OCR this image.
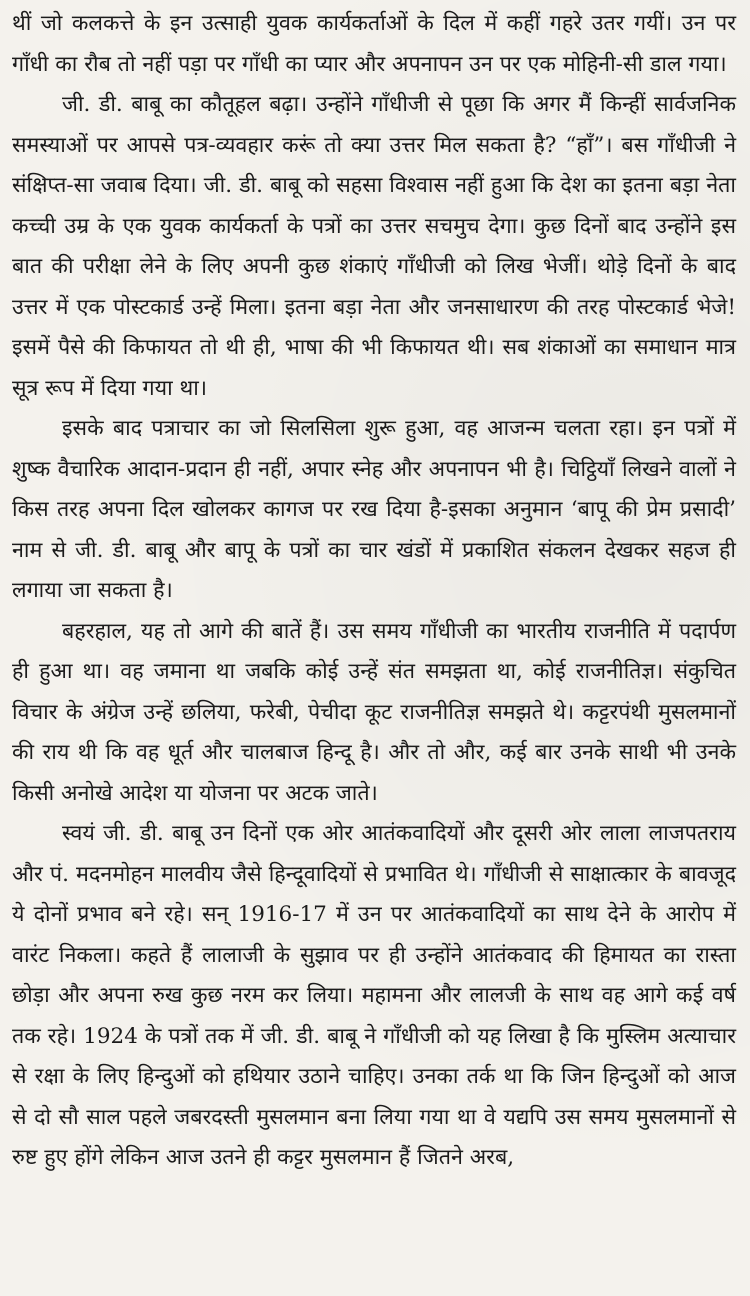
थीं जो कलकत्ते के इन उत्साही युवक कार्यकर्ताओं के दिल में कहीं गहरे उतर गयीं। उन पर गाँधी का रौब तो नहीं पड़ा पर गाँधी का प्यार और अपनापन उन पर एक मोहिनी-सी डाल गया।

जी. डी. बाबू का कौतूहल बढ़ा। उन्होंने गाँधीजी से पूछा कि अगर मैं किन्हीं सार्वजनिक समस्याओं पर आपसे पत्र-व्यवहार करूं तो क्या उत्तर मिल सकता है? “हाँ”। बस गाँधीजी ने संक्षिप्त-सा जवाब दिया। जी. डी. बाबू को सहसा विश्वास नहीं हुआ कि देश का इतना बड़ा नेता कच्ची उम्र के एक युवक कार्यकर्ता के पत्रों का उत्तर सचमुच देगा। कुछ दिनों बाद उन्होंने इस बात की परीक्षा लेने के लिए अपनी कुछ शंकाएं गाँधीजी को लिख भेजीं। थोड़े दिनों के बाद उत्तर में एक पोस्टकार्ड उन्हें मिला। इतना बड़ा नेता और जनसाधारण की तरह पोस्टकार्ड भेजे! इसमें पैसे की किफायत तो थी ही, भाषा की भी किफायत थी। सब शंकाओं का समाधान मात्र सूत्र रूप में दिया गया था।

इसके बाद पत्राचार का जो सिलसिला शुरू हुआ, वह आजन्म चलता रहा। इन पत्रों में शुष्क वैचारिक आदान-प्रदान ही नहीं, अपार स्नेह और अपनापन भी है। चिट्ठियाँ लिखने वालों ने किस तरह अपना दिल खोलकर कागज पर रख दिया है-इसका अनुमान ‘बापू की प्रेम प्रसादी’ नाम से जी. डी. बाबू और बापू के पत्रों का चार खंडों में प्रकाशित संकलन देखकर सहज ही लगाया जा सकता है।

बहरहाल, यह तो आगे की बातें हैं। उस समय गाँधीजी का भारतीय राजनीति में पदार्पण ही हुआ था। वह जमाना था जबकि कोई उन्हें संत समझता था, कोई राजनीतिज्ञ। संकुचित विचार के अंग्रेज उन्हें छलिया, फरेबी, पेचीदा कूट राजनीतिज्ञ समझते थे। कट्टरपंथी मुसलमानों की राय थी कि वह धूर्त और चालबाज हिन्दू है। और तो और, कई बार उनके साथी भी उनके किसी अनोखे आदेश या योजना पर अटक जाते।

स्वयं जी. डी. बाबू उन दिनों एक ओर आतंकवादियों और दूसरी ओर लाला लाजपतराय और पं. मदनमोहन मालवीय जैसे हिन्दूवादियों से प्रभावित थे। गाँधीजी से साक्षात्कार के बावजूद ये दोनों प्रभाव बने रहे। सन् 1916-17 में उन पर आतंकवादियों का साथ देने के आरोप में वारंट निकला। कहते हैं लालाजी के सुझाव पर ही उन्होंने आतंकवाद की हिमायत का रास्ता छोड़ा और अपना रुख कुछ नरम कर लिया। महामना और लालजी के साथ वह आगे कई वर्ष तक रहे। 1924 के पत्रों तक में जी. डी. बाबू ने गाँधीजी को यह लिखा है कि मुस्लिम अत्याचार से रक्षा के लिए हिन्दुओं को हथियार उठाने चाहिए। उनका तर्क था कि जिन हिन्दुओं को आज से दो सौ साल पहले जबरदस्ती मुसलमान बना लिया गया था वे यद्यपि उस समय मुसलमानों से रुष्ट हुए होंगे लेकिन आज उतने ही कट्टर मुसलमान हैं जितने अरब,
